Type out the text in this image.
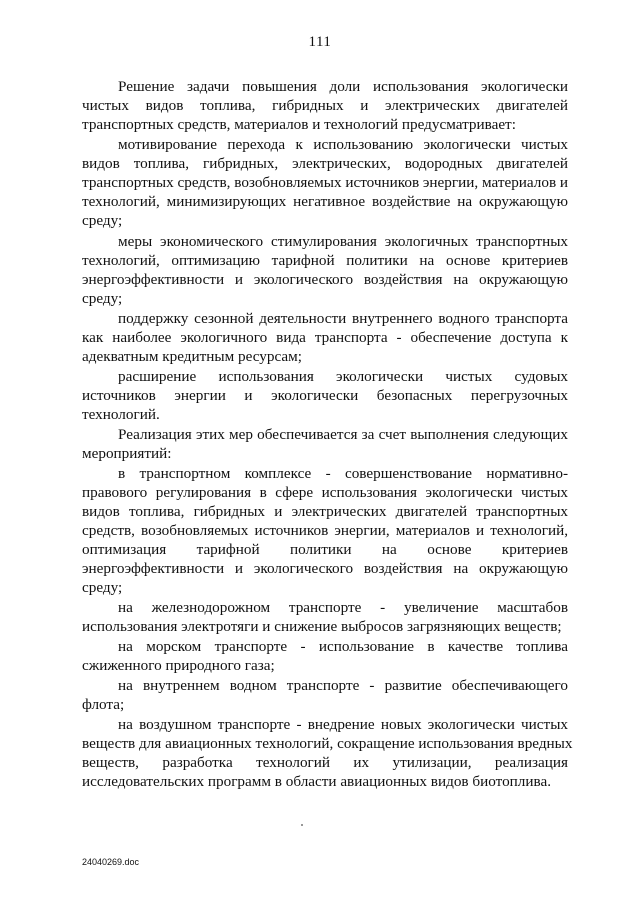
111
Решение задачи повышения доли использования экологически
чистых видов топлива, гибридных и электрических двигателей
транспортных средств, материалов и технологий предусматривает:
мотивирование перехода к использованию экологически чистых
видов топлива, гибридных, электрических, водородных двигателей
транспортных средств, возобновляемых источников энергии, материалов и
технологий, минимизирующих негативное воздействие на окружающую
среду;
меры экономического стимулирования экологичных транспортных
технологий, оптимизацию тарифной политики на основе критериев
энергоэффективности и экологического воздействия на окружающую
среду;
поддержку сезонной деятельности внутреннего водного транспорта
как наиболее экологичного вида транспорта - обеспечение доступа к
адекватным кредитным ресурсам;
расширение использования экологически чистых судовых
источников энергии и экологически безопасных перегрузочных
технологий.
Реализация этих мер обеспечивается за счет выполнения следующих
мероприятий:
в транспортном комплексе - совершенствование нормативно-
правового регулирования в сфере использования экологически чистых
видов топлива, гибридных и электрических двигателей транспортных
средств, возобновляемых источников энергии, материалов и технологий,
оптимизация тарифной политики на основе критериев
энергоэффективности и экологического воздействия на окружающую
среду;
на железнодорожном транспорте - увеличение масштабов
использования электротяги и снижение выбросов загрязняющих веществ;
на морском транспорте - использование в качестве топлива
сжиженного природного газа;
на внутреннем водном транспорте - развитие обеспечивающего
флота;
на воздушном транспорте - внедрение новых экологически чистых
веществ для авиационных технологий, сокращение использования вредных
веществ, разработка технологий их утилизации, реализация
исследовательских программ в области авиационных видов биотоплива.
24040269.doc
